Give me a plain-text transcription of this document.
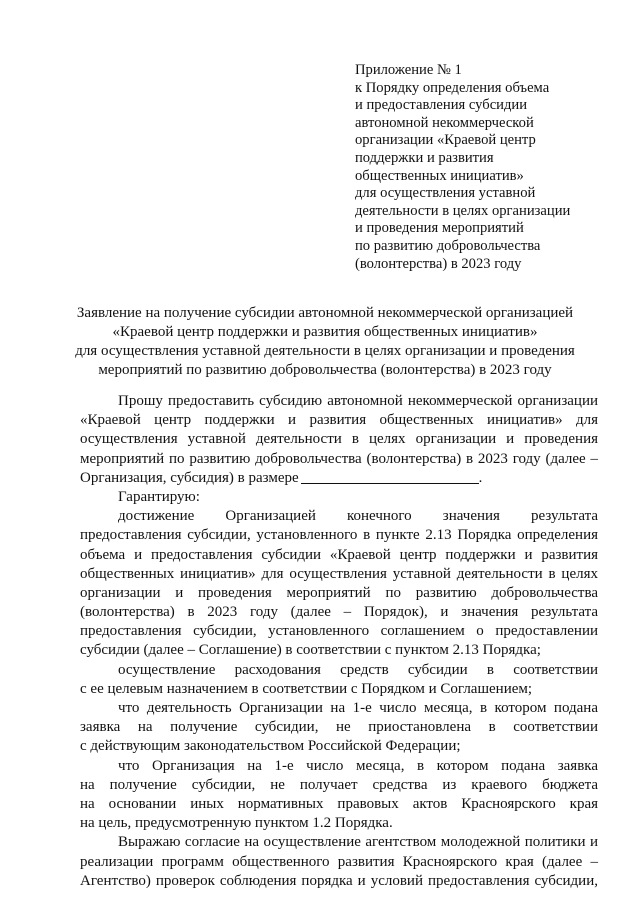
Приложение № 1
к Порядку определения объема
и предоставления субсидии
автономной некоммерческой
организации «Краевой центр
поддержки и развития
общественных инициатив»
для осуществления уставной
деятельности в целях организации
и проведения мероприятий
по развитию добровольчества
(волонтерства) в 2023 году
Заявление на получение субсидии автономной некоммерческой организацией
«Краевой центр поддержки и развития общественных инициатив»
для осуществления уставной деятельности в целях организации и проведения
мероприятий по развитию добровольчества (волонтерства) в 2023 году
Прошу предоставить субсидию автономной некоммерческой организации
«Краевой центр поддержки и развития общественных инициатив» для
осуществления уставной деятельности в целях организации и проведения
мероприятий по развитию добровольчества (волонтерства) в 2023 году (далее –
Организация, субсидия) в размере	.
Гарантирую:
достижение Организацией конечного значения результата
предоставления субсидии, установленного в пункте 2.13 Порядка определения
объема и предоставления субсидии «Краевой центр поддержки и развития
общественных инициатив» для осуществления уставной деятельности в целях
организации и проведения мероприятий по развитию добровольчества
(волонтерства) в 2023 году (далее – Порядок), и значения результата
предоставления субсидии, установленного соглашением о предоставлении
субсидии (далее – Соглашение) в соответствии с пунктом 2.13 Порядка;
осуществление расходования средств субсидии в соответствии
с ее целевым назначением в соответствии с Порядком и Соглашением;
что деятельность Организации на 1-е число месяца, в котором подана
заявка на получение субсидии, не приостановлена в соответствии
с действующим законодательством Российской Федерации;
что Организация на 1-е число месяца, в котором подана заявка
на получение субсидии, не получает средства из краевого бюджета
на основании иных нормативных правовых актов Красноярского края
на цель, предусмотренную пунктом 1.2 Порядка.
Выражаю согласие на осуществление агентством молодежной политики и
реализации программ общественного развития Красноярского края (далее –
Агентство) проверок соблюдения порядка и условий предоставления субсидии,
